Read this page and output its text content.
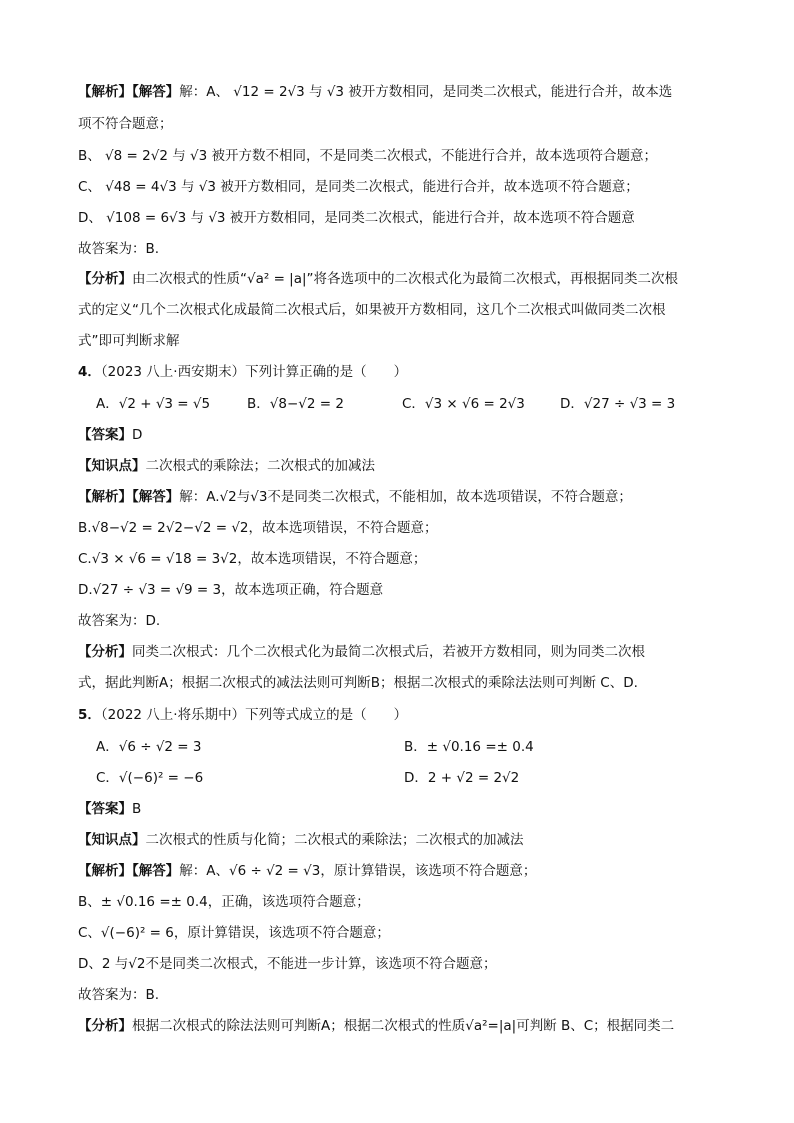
【解析】【解答】解：A、 √12 = 2√3 与 √3 被开方数相同，是同类二次根式，能进行合并，故本选
项不符合题意；
B、 √8 = 2√2 与 √3 被开方数不相同，不是同类二次根式，不能进行合并，故本选项符合题意；
C、 √48 = 4√3 与 √3 被开方数相同，是同类二次根式，能进行合并，故本选项不符合题意；
D、 √108 = 6√3 与 √3 被开方数相同，是同类二次根式，能进行合并，故本选项不符合题意
故答案为：B.
【分析】由二次根式的性质“√a² = |a|”将各选项中的二次根式化为最简二次根式，再根据同类二次根
式的定义“几个二次根式化成最简二次根式后，如果被开方数相同，这几个二次根式叫做同类二次根
式”即可判断求解
4．（2023 八上·西安期末）下列计算正确的是（　　）
A．√2 + √3 = √5	B．√8−√2 = 2	C．√3 × √6 = 2√3	D．√27 ÷ √3 = 3
【答案】D
【知识点】二次根式的乘除法；二次根式的加减法
【解析】【解答】解：A.√2与√3不是同类二次根式，不能相加，故本选项错误，不符合题意；
B.√8−√2 = 2√2−√2 = √2，故本选项错误，不符合题意；
C.√3 × √6 = √18 = 3√2，故本选项错误，不符合题意；
D.√27 ÷ √3 = √9 = 3，故本选项正确，符合题意
故答案为：D.
【分析】同类二次根式：几个二次根式化为最简二次根式后，若被开方数相同，则为同类二次根
式，据此判断A；根据二次根式的减法法则可判断B；根据二次根式的乘除法法则可判断 C、D.
5．（2022 八上·将乐期中）下列等式成立的是（　　）
A．√6 ÷ √2 = 3	B．± √0.16 =± 0.4
C．√(−6)² = −6	D．2 + √2 = 2√2
【答案】B
【知识点】二次根式的性质与化简；二次根式的乘除法；二次根式的加减法
【解析】【解答】解：A、√6 ÷ √2 = √3，原计算错误，该选项不符合题意；
B、± √0.16 =± 0.4，正确，该选项符合题意；
C、√(−6)² = 6，原计算错误，该选项不符合题意；
D、2 与√2不是同类二次根式，不能进一步计算，该选项不符合题意；
故答案为：B.
【分析】根据二次根式的除法法则可判断A；根据二次根式的性质√a²=|a|可判断 B、C；根据同类二
